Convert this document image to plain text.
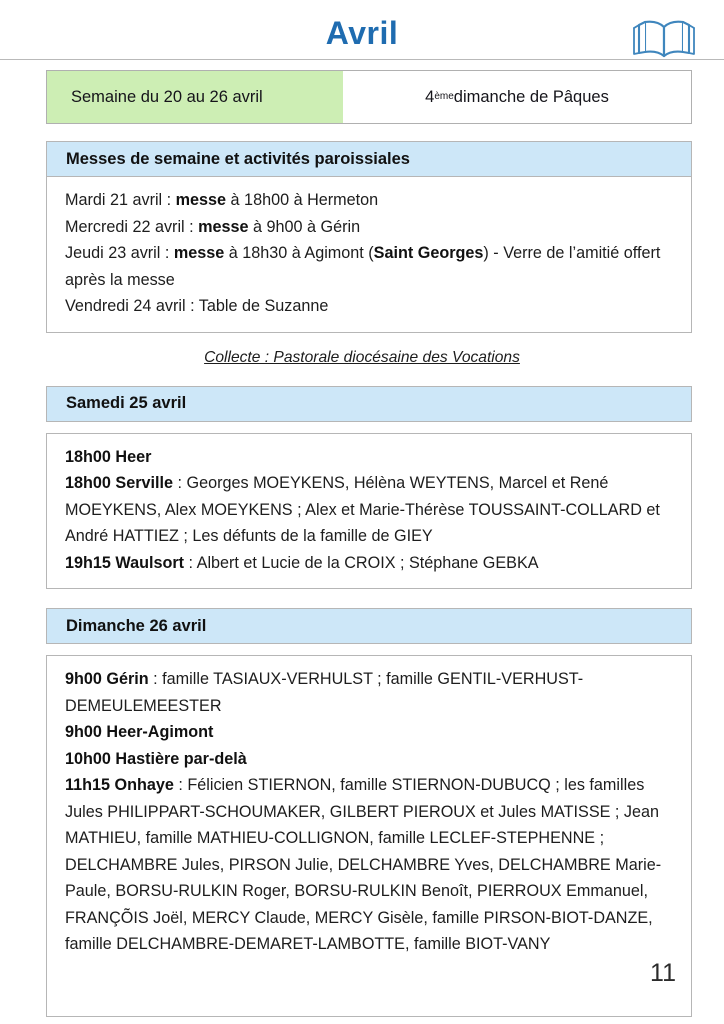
Avril
Semaine du 20 au 26 avril	4 ème dimanche de Pâques
Messes de semaine et activités paroissiales
Mardi 21 avril : messe à 18h00 à Hermeton
Mercredi 22 avril : messe à 9h00 à Gérin
Jeudi 23 avril : messe à 18h30 à Agimont (Saint Georges) - Verre de l’amitié offert après la messe
Vendredi 24 avril : Table de Suzanne
Collecte : Pastorale diocésaine des Vocations
Samedi 25 avril
18h00 Heer
18h00 Serville : Georges MOEYKENS, Hélèna WEYTENS, Marcel et René MOEYKENS, Alex MOEYKENS ; Alex et Marie-Thérèse TOUSSAINT-COLLARD et André HATTIEZ ; Les défunts de la famille de GIEY
19h15 Waulsort : Albert et Lucie de la CROIX ; Stéphane GEBKA
Dimanche 26 avril
9h00 Gérin : famille TASIAUX-VERHULST ; famille GENTIL-VERHUST-DEMEULEMEESTER
9h00 Heer-Agimont
10h00 Hastière par-delà
11h15 Onhaye : Félicien STIERNON, famille STIERNON-DUBUCQ ; les familles Jules PHILIPPART-SCHOUMAKER, GILBERT PIEROUX et Jules MATISSE ; Jean MATHIEU, famille MATHIEU-COLLIGNON, famille LECLEF-STEPHENNE ; DELCHAMBRE Jules, PIRSON Julie, DELCHAMBRE Yves, DELCHAMBRE Marie-Paule, BORSU-RULKIN Roger, BORSU-RULKIN Benoît, PIERROUX Emmanuel, FRANÇÕIS Joël, MERCY Claude, MERCY Gisèle, famille PIRSON-BIOT-DANZE, famille DELCHAMBRE-DEMARET-LAMBOTTE, famille BIOT-VANY
11
